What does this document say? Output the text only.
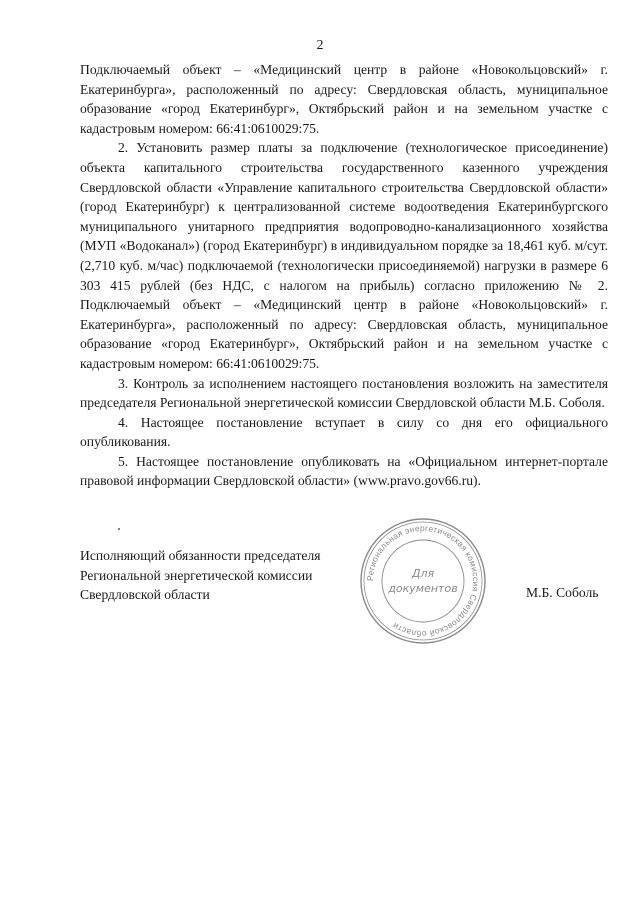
2

Подключаемый объект – «Медицинский центр в районе «Новокольцовский» г. Екатеринбурга», расположенный по адресу: Свердловская область, муниципальное образование «город Екатеринбург», Октябрьский район и на земельном участке с кадастровым номером: 66:41:0610029:75.

2. Установить размер платы за подключение (технологическое присоединение) объекта капитального строительства государственного казенного учреждения Свердловской области «Управление капитального строительства Свердловской области» (город Екатеринбург) к централизованной системе водоотведения Екатеринбургского муниципального унитарного предприятия водопроводно-канализационного хозяйства (МУП «Водоканал») (город Екатеринбург) в индивидуальном порядке за 18,461 куб. м/сут. (2,710 куб. м/час) подключаемой (технологически присоединяемой) нагрузки в размере 6 303 415 рублей (без НДС, с налогом на прибыль) согласно приложению № 2. Подключаемый объект – «Медицинский центр в районе «Новокольцовский» г. Екатеринбурга», расположенный по адресу: Свердловская область, муниципальное образование «город Екатеринбург», Октябрьский район и на земельном участке с кадастровым номером: 66:41:0610029:75.

3. Контроль за исполнением настоящего постановления возложить на заместителя председателя Региональной энергетической комиссии Свердловской области М.Б. Соболя.

4. Настоящее постановление вступает в силу со дня его официального опубликования.

5. Настоящее постановление опубликовать на «Официальном интернет-портале правовой информации Свердловской области» (www.pravo.gov66.ru).

Исполняющий обязанности председателя
Региональной энергетической комиссии
Свердловской области
Региональная энергетическая комиссия Свердловской области
Для
документов	М.Б. Соболь
